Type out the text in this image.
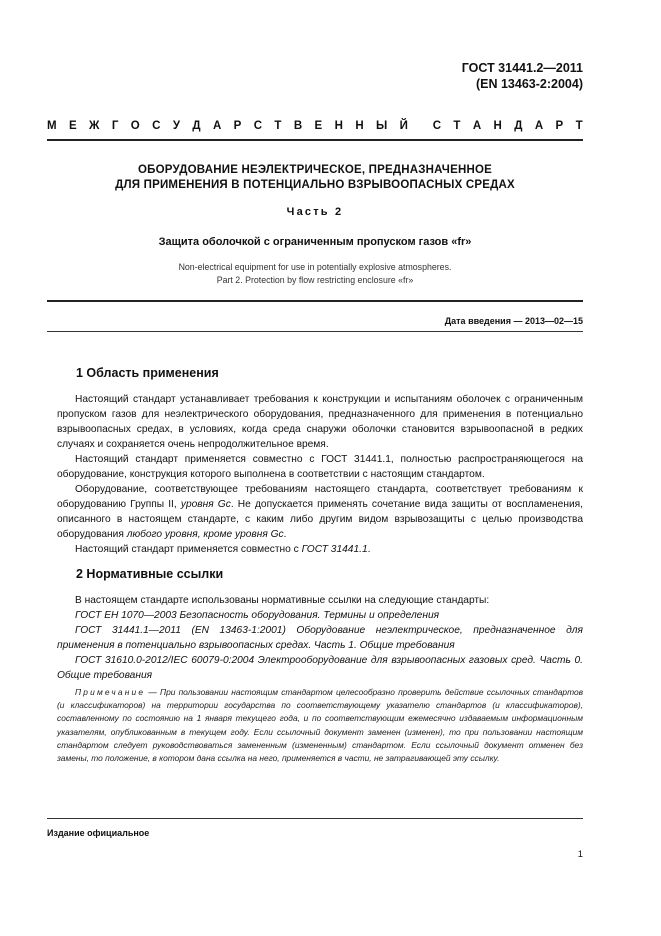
ГОСТ 31441.2—2011
(EN 13463-2:2004)
М Е Ж Г О С У Д А Р С Т В Е Н Н Ы Й С Т А Н Д А Р Т
ОБОРУДОВАНИЕ НЕЭЛЕКТРИЧЕСКОЕ, ПРЕДНАЗНАЧЕННОЕ
ДЛЯ ПРИМЕНЕНИЯ В ПОТЕНЦИАЛЬНО ВЗРЫВООПАСНЫХ СРЕДАХ
Часть 2
Защита оболочкой с ограниченным пропуском газов «fr»
Non-electrical equipment for use in potentially explosive atmospheres.
Part 2. Protection by flow restricting enclosure «fr»
Дата введения — 2013—02—15
1 Область применения

Настоящий стандарт устанавливает требования к конструкции и испытаниям оболочек с ограниченным пропуском газов для неэлектрического оборудования, предназначенного для применения в потенциально взрывоопасных средах, в условиях, когда среда снаружи оболочки становится взрывоопасной в редких случаях и сохраняется очень непродолжительное время.

Настоящий стандарт применяется совместно с ГОСТ 31441.1, полностью распространяющегося на оборудование, конструкция которого выполнена в соответствии с настоящим стандартом.

Оборудование, соответствующее требованиям настоящего стандарта, соответствует требованиям к оборудованию Группы II, уровня Gc. Не допускается применять сочетание вида защиты от воспламенения, описанного в настоящем стандарте, с каким либо другим видом взрывозащиты с целью производства оборудования любого уровня, кроме уровня Gc.

Настоящий стандарт применяется совместно с ГОСТ 31441.1.

2 Нормативные ссылки

В настоящем стандарте использованы нормативные ссылки на следующие стандарты:

ГОСТ ЕН 1070—2003 Безопасность оборудования. Термины и определения

ГОСТ 31441.1—2011 (EN 13463-1:2001) Оборудование неэлектрическое, предназначенное для применения в потенциально взрывоопасных средах. Часть 1. Общие требования

ГОСТ 31610.0-2012/IEC 60079-0:2004 Электрооборудование для взрывоопасных газовых сред. Часть 0. Общие требования

Примечание — При пользовании настоящим стандартом целесообразно проверить действие ссылочных стандартов (и классификаторов) на территории государства по соответствующему указателю стандартов (и классификаторов), составленному по состоянию на 1 января текущего года, и по соответствующим ежемесячно издаваемым информационным указателям, опубликованным в текущем году. Если ссылочный документ заменен (изменен), то при пользовании настоящим стандартом следует руководствоваться замененным (измененным) стандартом. Если ссылочный документ отменен без замены, то положение, в котором дана ссылка на него, применяется в части, не затрагивающей эту ссылку.
Издание официальное
1
